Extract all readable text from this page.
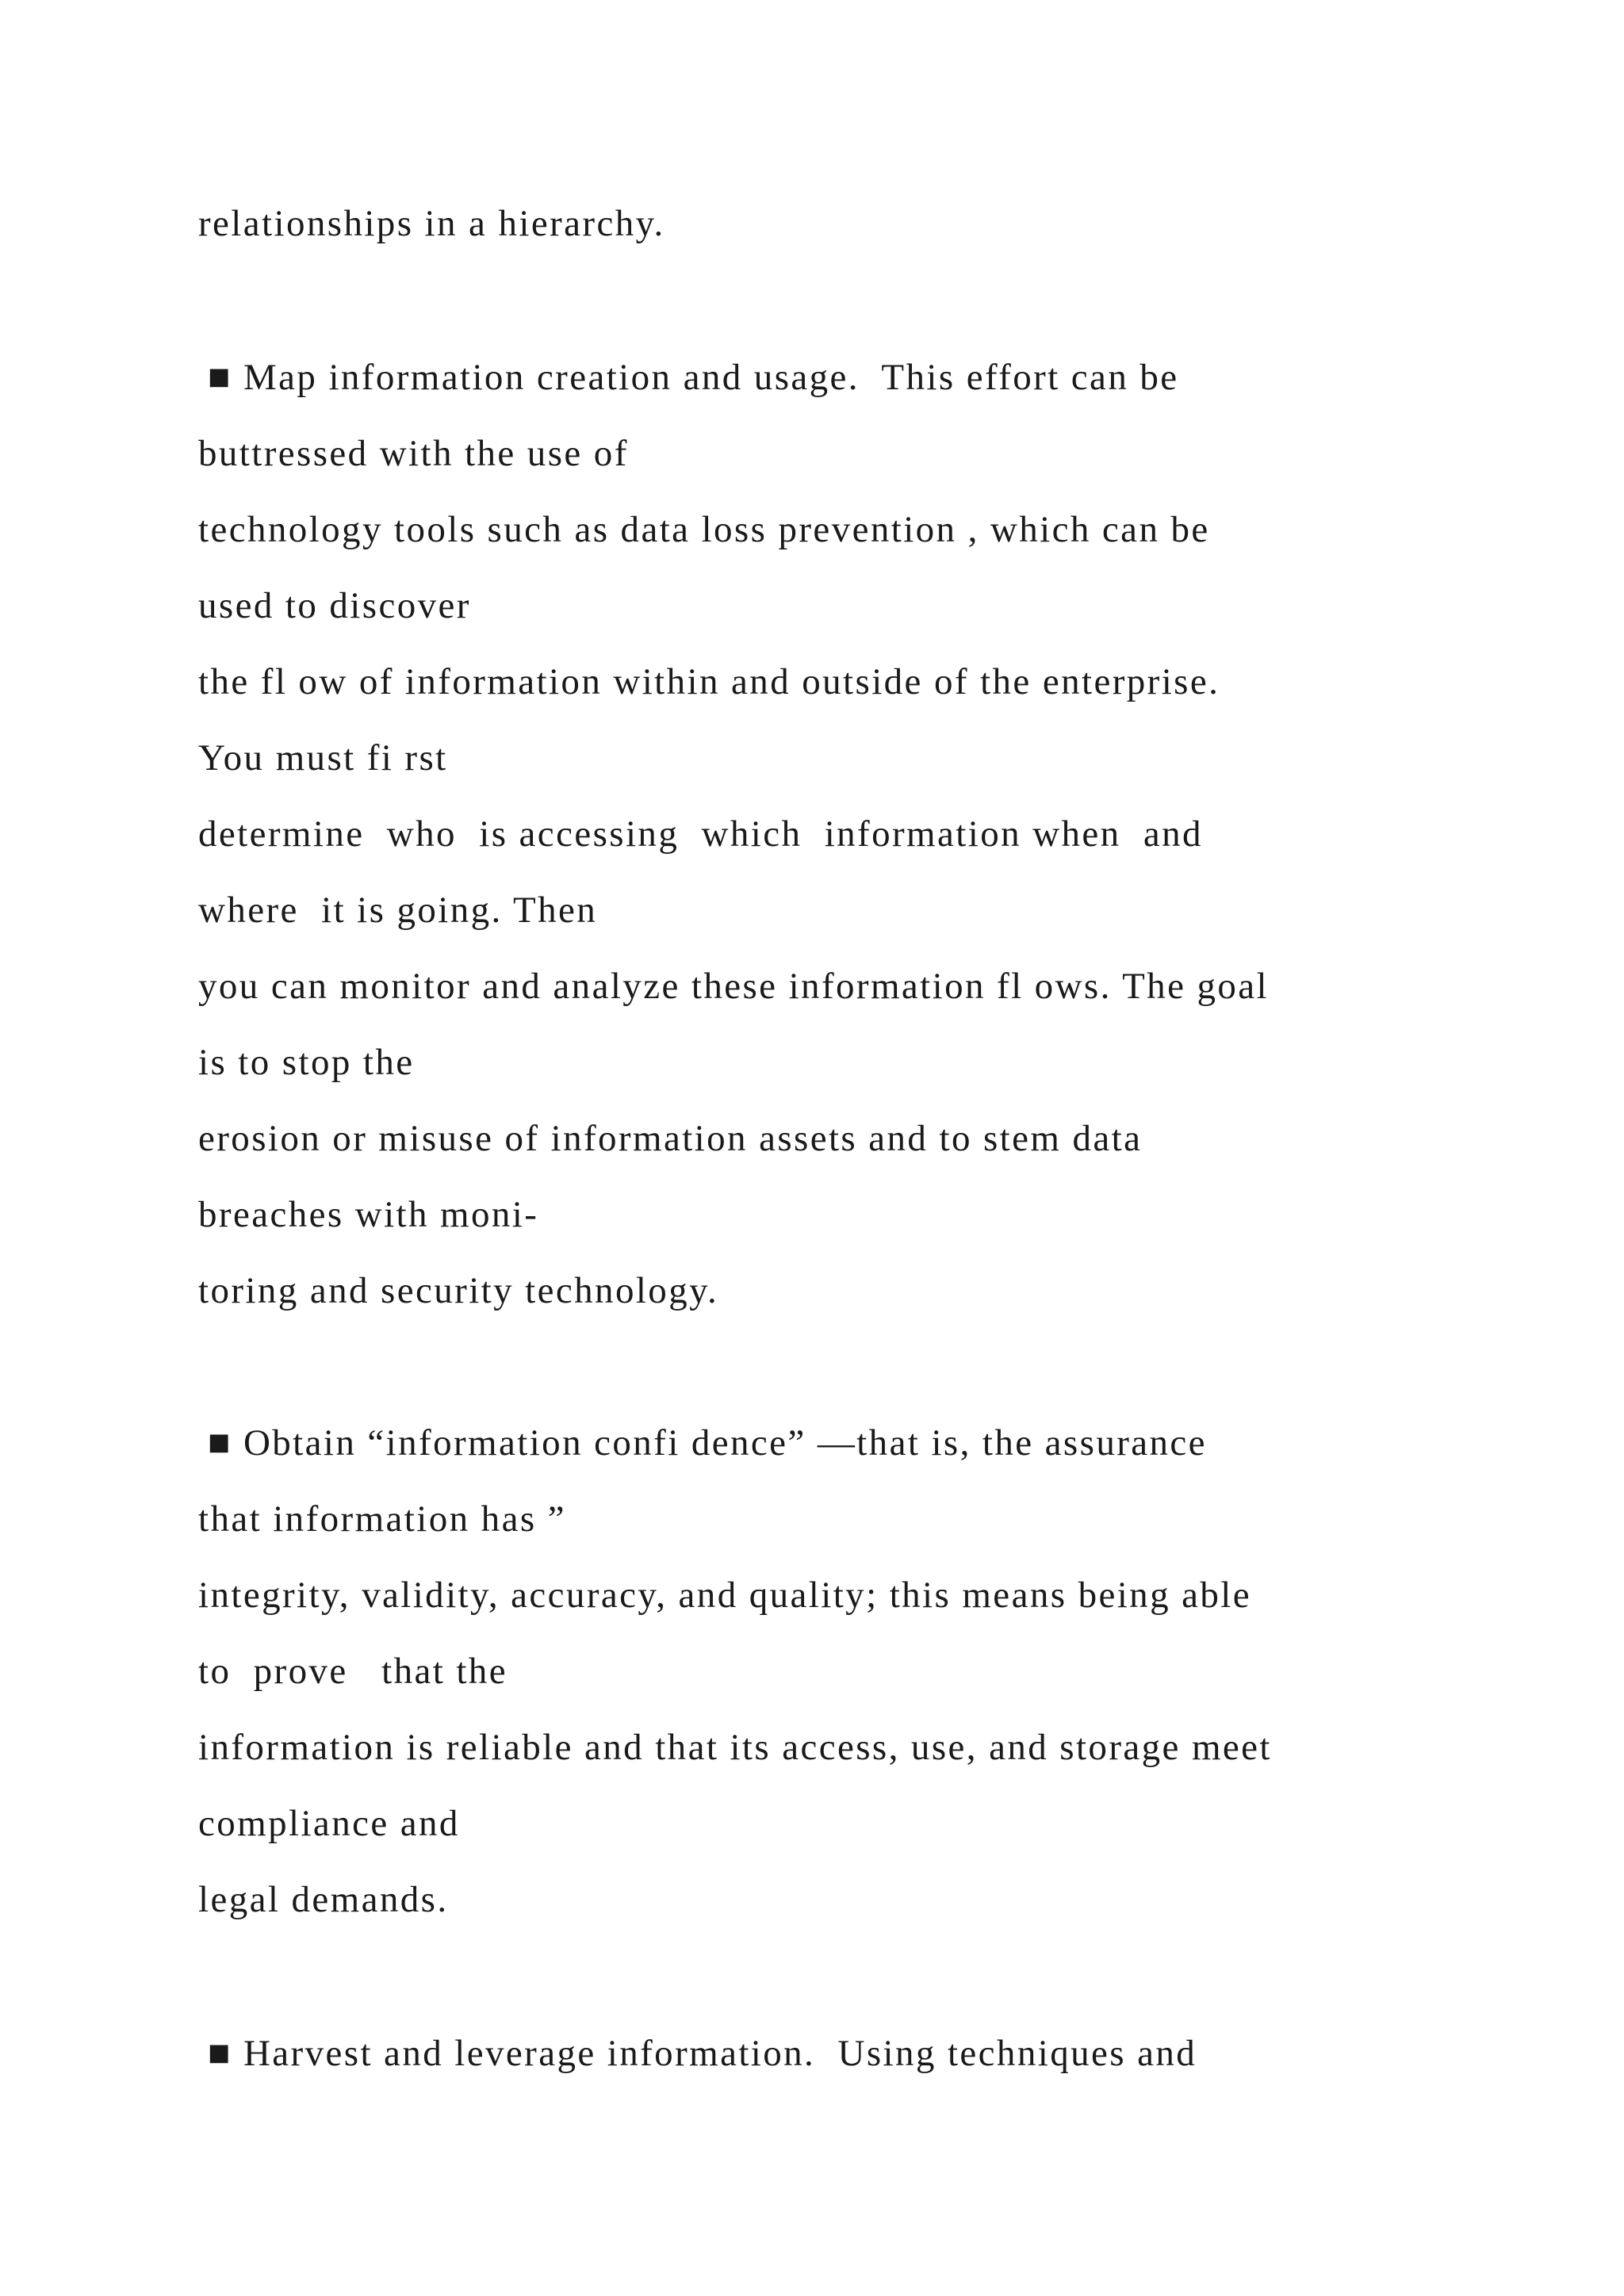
relationships in a hierarchy.

■ Map information creation and usage.  This effort can be

buttressed with the use of

technology tools such as data loss prevention , which can be

used to discover

the fl ow of information within and outside of the enterprise.

You must fi rst

determine  who  is accessing  which  information when  and

where  it is going. Then

you can monitor and analyze these information fl ows. The goal

is to stop the

erosion or misuse of information assets and to stem data

breaches with moni-

toring and security technology.

■ Obtain “information confi dence” —that is, the assurance

that information has ”

integrity, validity, accuracy, and quality; this means being able

to  prove   that the

information is reliable and that its access, use, and storage meet

compliance and

legal demands.

■ Harvest and leverage information.  Using techniques and
